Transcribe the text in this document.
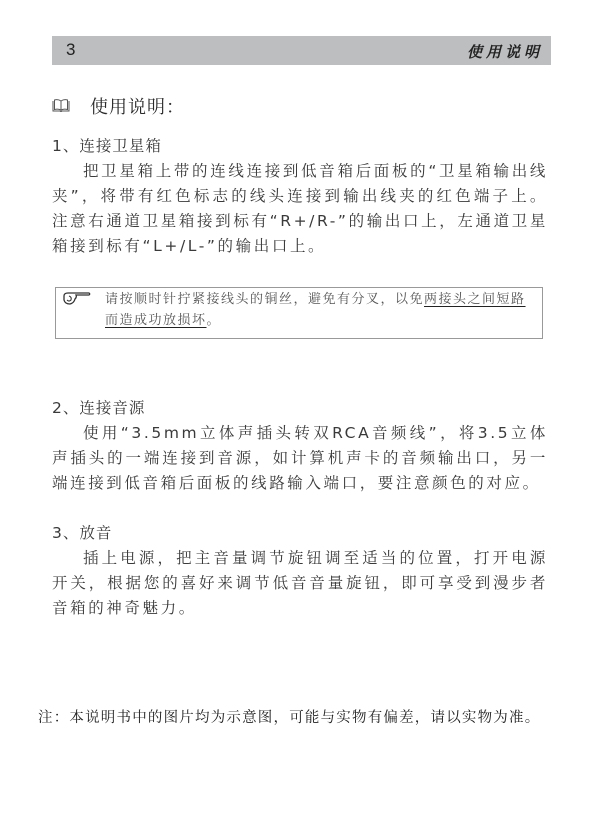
3	使用说明
使用说明：
1、连接卫星箱
把卫星箱上带的连线连接到低音箱后面板的“卫星箱输出线夹”，将带有红色标志的线头连接到输出线夹的红色端子上。注意右通道卫星箱接到标有“R+/R-”的输出口上，左通道卫星箱接到标有“L+/L-”的输出口上。
请按顺时针拧紧接线头的铜丝，避免有分叉，以免两接头之间短路而造成功放损坏。
2、连接音源
使用“3.5mm立体声插头转双RCA音频线”，将3.5立体声插头的一端连接到音源，如计算机声卡的音频输出口，另一端连接到低音箱后面板的线路输入端口，要注意颜色的对应。
3、放音
插上电源，把主音量调节旋钮调至适当的位置，打开电源开关，根据您的喜好来调节低音音量旋钮，即可享受到漫步者音箱的神奇魅力。
注：本说明书中的图片均为示意图，可能与实物有偏差，请以实物为准。
